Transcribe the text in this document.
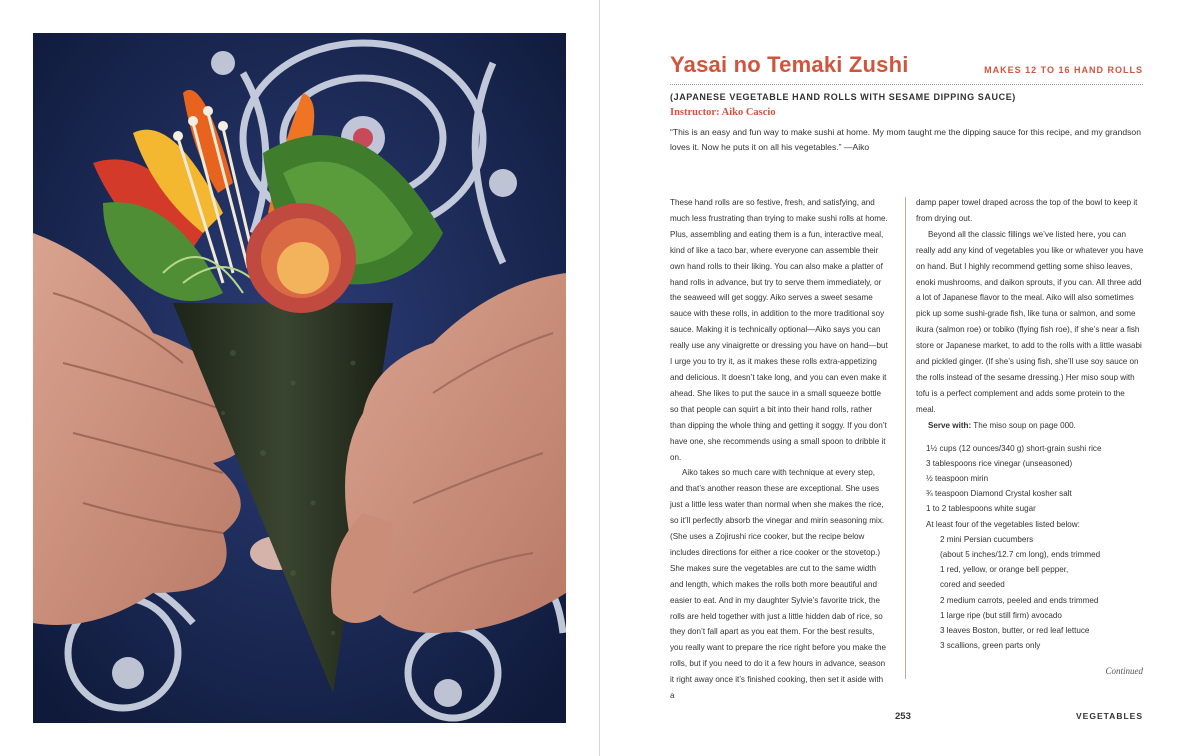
Yasai no Temaki Zushi	MAKES 12 TO 16 HAND ROLLS
(JAPANESE VEGETABLE HAND ROLLS WITH SESAME DIPPING SAUCE)
Instructor: Aiko Cascio

“This is an easy and fun way to make sushi at home. My mom taught me the dipping sauce for this recipe, and my grandson loves it. Now he puts it on all his vegetables.” —Aiko

These hand rolls are so festive, fresh, and satisfying, and much less frustrating than trying to make sushi rolls at home. Plus, assembling and eating them is a fun, interactive meal, kind of like a taco bar, where everyone can assemble their own hand rolls to their liking. You can also make a platter of hand rolls in advance, but try to serve them immediately, or the seaweed will get soggy. Aiko serves a sweet sesame sauce with these rolls, in addition to the more traditional soy sauce. Making it is technically optional—Aiko says you can really use any vinaigrette or dressing you have on hand—but I urge you to try it, as it makes these rolls extra-appetizing and delicious. It doesn’t take long, and you can even make it ahead. She likes to put the sauce in a small squeeze bottle so that people can squirt a bit into their hand rolls, rather than dipping the whole thing and getting it soggy. If you don’t have one, she recommends using a small spoon to dribble it on.

Aiko takes so much care with technique at every step, and that’s another reason these are exceptional. She uses just a little less water than normal when she makes the rice, so it’ll perfectly absorb the vinegar and mirin seasoning mix. (She uses a Zojirushi rice cooker, but the recipe below includes directions for either a rice cooker or the stovetop.) She makes sure the vegetables are cut to the same width and length, which makes the rolls both more beautiful and easier to eat. And in my daughter Sylvie’s favorite trick, the rolls are held together with just a little hidden dab of rice, so they don’t fall apart as you eat them. For the best results, you really want to prepare the rice right before you make the rolls, but if you need to do it a few hours in advance, season it right away once it’s finished cooking, then set it aside with a

damp paper towel draped across the top of the bowl to keep it from drying out.

Beyond all the classic fillings we’ve listed here, you can really add any kind of vegetables you like or whatever you have on hand. But I highly recommend getting some shiso leaves, enoki mushrooms, and daikon sprouts, if you can. All three add a lot of Japanese flavor to the meal. Aiko will also sometimes pick up some sushi-grade fish, like tuna or salmon, and some ikura (salmon roe) or tobiko (flying fish roe), if she’s near a fish store or Japanese market, to add to the rolls with a little wasabi and pickled ginger. (If she’s using fish, she’ll use soy sauce on the rolls instead of the sesame dressing.) Her miso soup with tofu is a perfect complement and adds some protein to the meal.

Serve with: The miso soup on page 000.

1½ cups (12 ounces/340 g) short-grain sushi rice
3 tablespoons rice vinegar (unseasoned)
½ teaspoon mirin
¾ teaspoon Diamond Crystal kosher salt
1 to 2 tablespoons white sugar
At least four of the vegetables listed below:
2 mini Persian cucumbers
(about 5 inches/12.7 cm long), ends trimmed
1 red, yellow, or orange bell pepper,
cored and seeded
2 medium carrots, peeled and ends trimmed
1 large ripe (but still firm) avocado
3 leaves Boston, butter, or red leaf lettuce
3 scallions, green parts only
Continued
253	VEGETABLES
